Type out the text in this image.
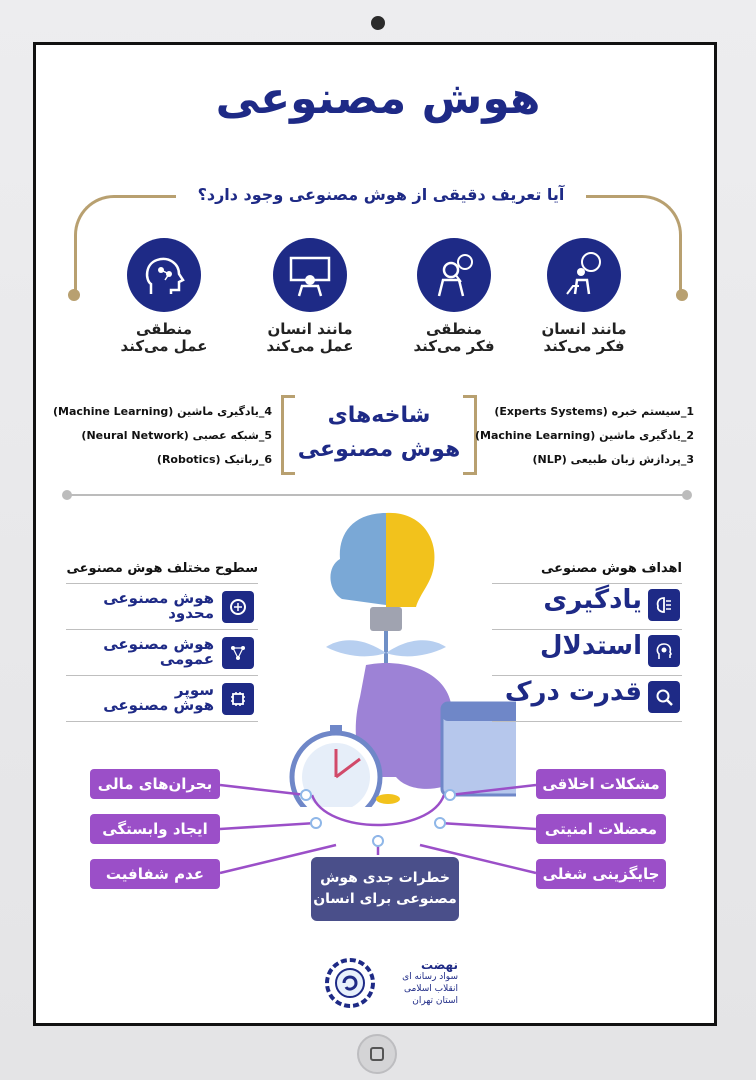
هوش مصنوعی
آیا تعریف دقیقی از هوش مصنوعی وجود دارد؟
مانند انسان
فکر می‌کند
منطقی
فکر می‌کند
مانند انسان
عمل می‌کند
منطقی
عمل می‌کند
شاخه‌های
هوش مصنوعی
1_سیستم خبره (Experts Systems)
2_یادگیری ماشین (Machine Learning)
3_پردازش زبان طبیعی (NLP)
4_یادگیری ماشین (Machine Learning)
5_شبکه عصبی (Neural Network)
6_رباتیک (Robotics)
سطوح مختلف هوش مصنوعی
هوش مصنوعی
محدود
هوش مصنوعی
عمومی
سوپر
هوش مصنوعی
اهداف هوش مصنوعی
یادگیری
استدلال
قدرت درک
بحران‌های مالی
ایجاد وابستگی
عدم شفافیت
مشکلات اخلاقی
معضلات امنیتی
جایگزینی شغلی
خطرات جدی هوش
مصنوعی برای انسان
نهضت
سواد رسانه ای
انقلاب اسلامی
استان تهران
